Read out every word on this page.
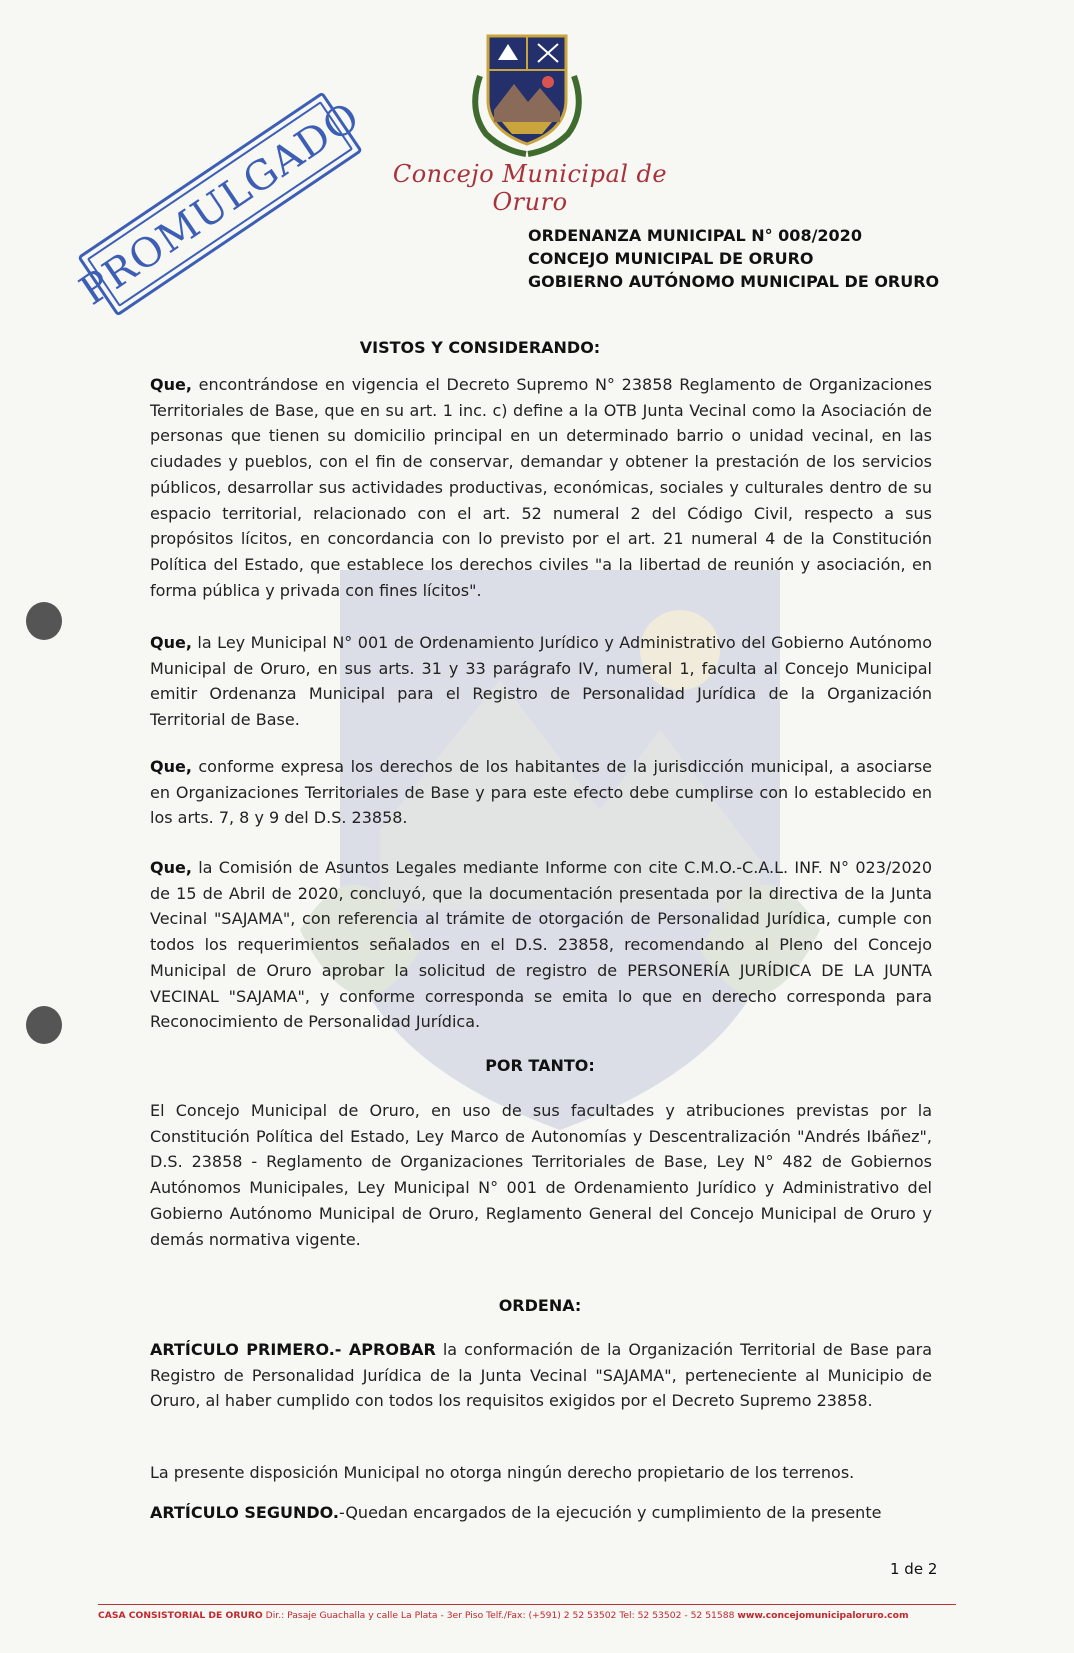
Concejo Municipal de Oruro
PROMULGADO	ORDENANZA MUNICIPAL N° 008/2020
CONCEJO MUNICIPAL DE ORURO
GOBIERNO AUTÓNOMO MUNICIPAL DE ORURO
VISTOS Y CONSIDERANDO:
Que, encontrándose en vigencia el Decreto Supremo N° 23858 Reglamento de Organizaciones Territoriales de Base, que en su art. 1 inc. c) define a la OTB Junta Vecinal como la Asociación de personas que tienen su domicilio principal en un determinado barrio o unidad vecinal, en las ciudades y pueblos, con el fin de conservar, demandar y obtener la prestación de los servicios públicos, desarrollar sus actividades productivas, económicas, sociales y culturales dentro de su espacio territorial, relacionado con el art. 52 numeral 2 del Código Civil, respecto a sus propósitos lícitos, en concordancia con lo previsto por el art. 21 numeral 4 de la Constitución Política del Estado, que establece los derechos civiles "a la libertad de reunión y asociación, en forma pública y privada con fines lícitos".
Que, la Ley Municipal N° 001 de Ordenamiento Jurídico y Administrativo del Gobierno Autónomo Municipal de Oruro, en sus arts. 31 y 33 parágrafo IV, numeral 1, faculta al Concejo Municipal emitir Ordenanza Municipal para el Registro de Personalidad Jurídica de la Organización Territorial de Base.
Que, conforme expresa los derechos de los habitantes de la jurisdicción municipal, a asociarse en Organizaciones Territoriales de Base y para este efecto debe cumplirse con lo establecido en los arts. 7, 8 y 9 del D.S. 23858.
Que, la Comisión de Asuntos Legales mediante Informe con cite C.M.O.-C.A.L. INF. N° 023/2020 de 15 de Abril de 2020, concluyó, que la documentación presentada por la directiva de la Junta Vecinal "SAJAMA", con referencia al trámite de otorgación de Personalidad Jurídica, cumple con todos los requerimientos señalados en el D.S. 23858, recomendando al Pleno del Concejo Municipal de Oruro aprobar la solicitud de registro de PERSONERÍA JURÍDICA DE LA JUNTA VECINAL "SAJAMA", y conforme corresponda se emita lo que en derecho corresponda para Reconocimiento de Personalidad Jurídica.
POR TANTO:
El Concejo Municipal de Oruro, en uso de sus facultades y atribuciones previstas por la Constitución Política del Estado, Ley Marco de Autonomías y Descentralización "Andrés Ibáñez", D.S. 23858 - Reglamento de Organizaciones Territoriales de Base, Ley N° 482 de Gobiernos Autónomos Municipales, Ley Municipal N° 001 de Ordenamiento Jurídico y Administrativo del Gobierno Autónomo Municipal de Oruro, Reglamento General del Concejo Municipal de Oruro y demás normativa vigente.
ORDENA:
ARTÍCULO PRIMERO.- APROBAR la conformación de la Organización Territorial de Base para Registro de Personalidad Jurídica de la Junta Vecinal "SAJAMA", perteneciente al Municipio de Oruro, al haber cumplido con todos los requisitos exigidos por el Decreto Supremo 23858.
La presente disposición Municipal no otorga ningún derecho propietario de los terrenos.
ARTÍCULO SEGUNDO.-Quedan encargados de la ejecución y cumplimiento de la presente
1 de 2
CASA CONSISTORIAL DE ORURO Dir.: Pasaje Guachalla y calle La Plata - 3er Piso Telf./Fax: (+591) 2 52 53502 Tel: 52 53502 - 52 51588 www.concejomunicipaloruro.com
